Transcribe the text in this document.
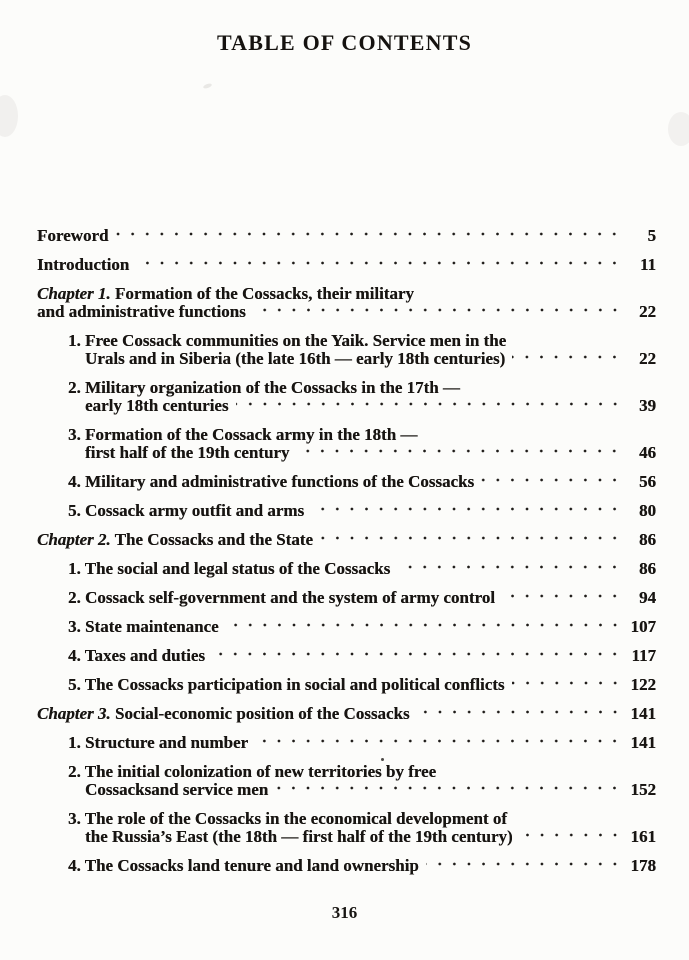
TABLE OF CONTENTS
Foreword	5
Introduction	11
Chapter 1. Formation of the Cossacks, their military
and administrative functions	22
1. Free Cossack communities on the Yaik. Service men in the
Urals and in Siberia (the late 16th — early 18th centuries)	22
2. Military organization of the Cossacks in the 17th —
early 18th centuries	39
3. Formation of the Cossack army in the 18th —
first half of the 19th century	46
4. Military and administrative functions of the Cossacks	56
5. Cossack army outfit and arms	80
Chapter 2. The Cossacks and the State	86
1. The social and legal status of the Cossacks	86
2. Cossack self-government and the system of army control	94
3. State maintenance	107
4. Taxes and duties	117
5. The Cossacks participation in social and political conflicts	122
Chapter 3. Social-economic position of the Cossacks	141
1. Structure and number	141
2. The initial colonization of new territories by free
Cossacksand service men	152
3. The role of the Cossacks in the economical development of
the Russia’s East (the 18th — first half of the 19th century)	161
4. The Cossacks land tenure and land ownership	178
316
